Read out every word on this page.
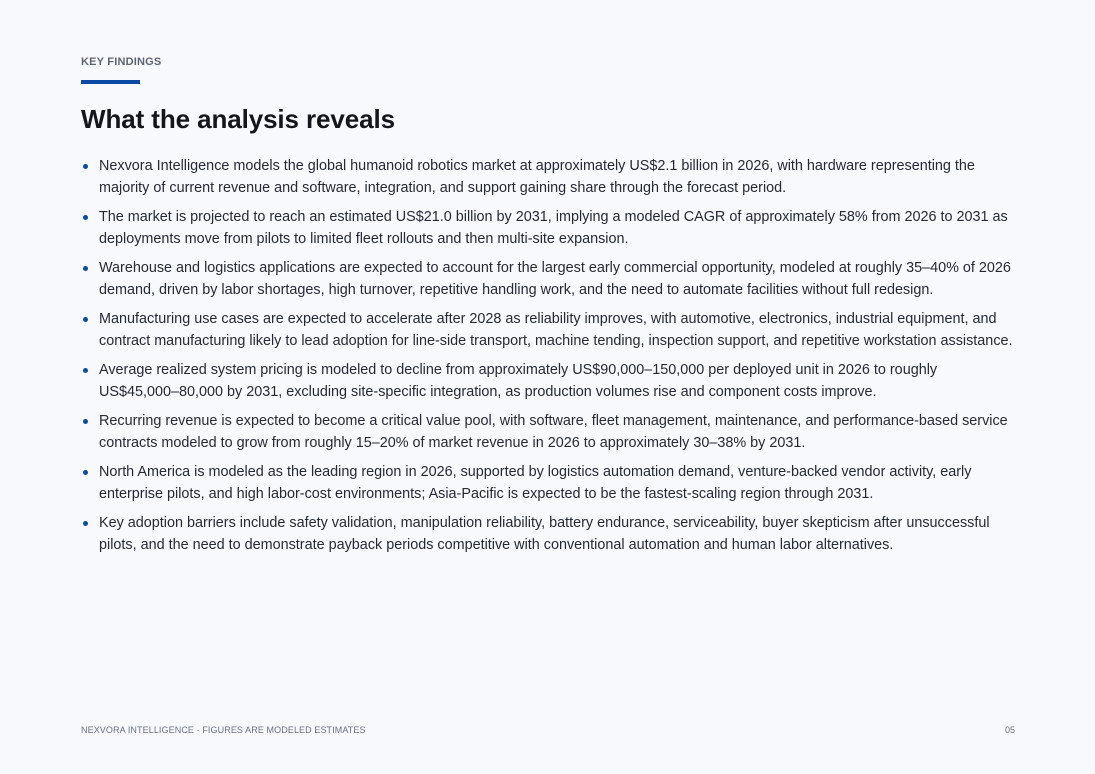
KEY FINDINGS
What the analysis reveals
Nexvora Intelligence models the global humanoid robotics market at approximately US$2.1 billion in 2026, with hardware representing the majority of current revenue and software, integration, and support gaining share through the forecast period.
The market is projected to reach an estimated US$21.0 billion by 2031, implying a modeled CAGR of approximately 58% from 2026 to 2031 as deployments move from pilots to limited fleet rollouts and then multi-site expansion.
Warehouse and logistics applications are expected to account for the largest early commercial opportunity, modeled at roughly 35–40% of 2026 demand, driven by labor shortages, high turnover, repetitive handling work, and the need to automate facilities without full redesign.
Manufacturing use cases are expected to accelerate after 2028 as reliability improves, with automotive, electronics, industrial equipment, and contract manufacturing likely to lead adoption for line-side transport, machine tending, inspection support, and repetitive workstation assistance.
Average realized system pricing is modeled to decline from approximately US$90,000–150,000 per deployed unit in 2026 to roughly US$45,000–80,000 by 2031, excluding site-specific integration, as production volumes rise and component costs improve.
Recurring revenue is expected to become a critical value pool, with software, fleet management, maintenance, and performance-based service contracts modeled to grow from roughly 15–20% of market revenue in 2026 to approximately 30–38% by 2031.
North America is modeled as the leading region in 2026, supported by logistics automation demand, venture-backed vendor activity, early enterprise pilots, and high labor-cost environments; Asia-Pacific is expected to be the fastest-scaling region through 2031.
Key adoption barriers include safety validation, manipulation reliability, battery endurance, serviceability, buyer skepticism after unsuccessful pilots, and the need to demonstrate payback periods competitive with conventional automation and human labor alternatives.
NEXVORA INTELLIGENCE · FIGURES ARE MODELED ESTIMATES	05
